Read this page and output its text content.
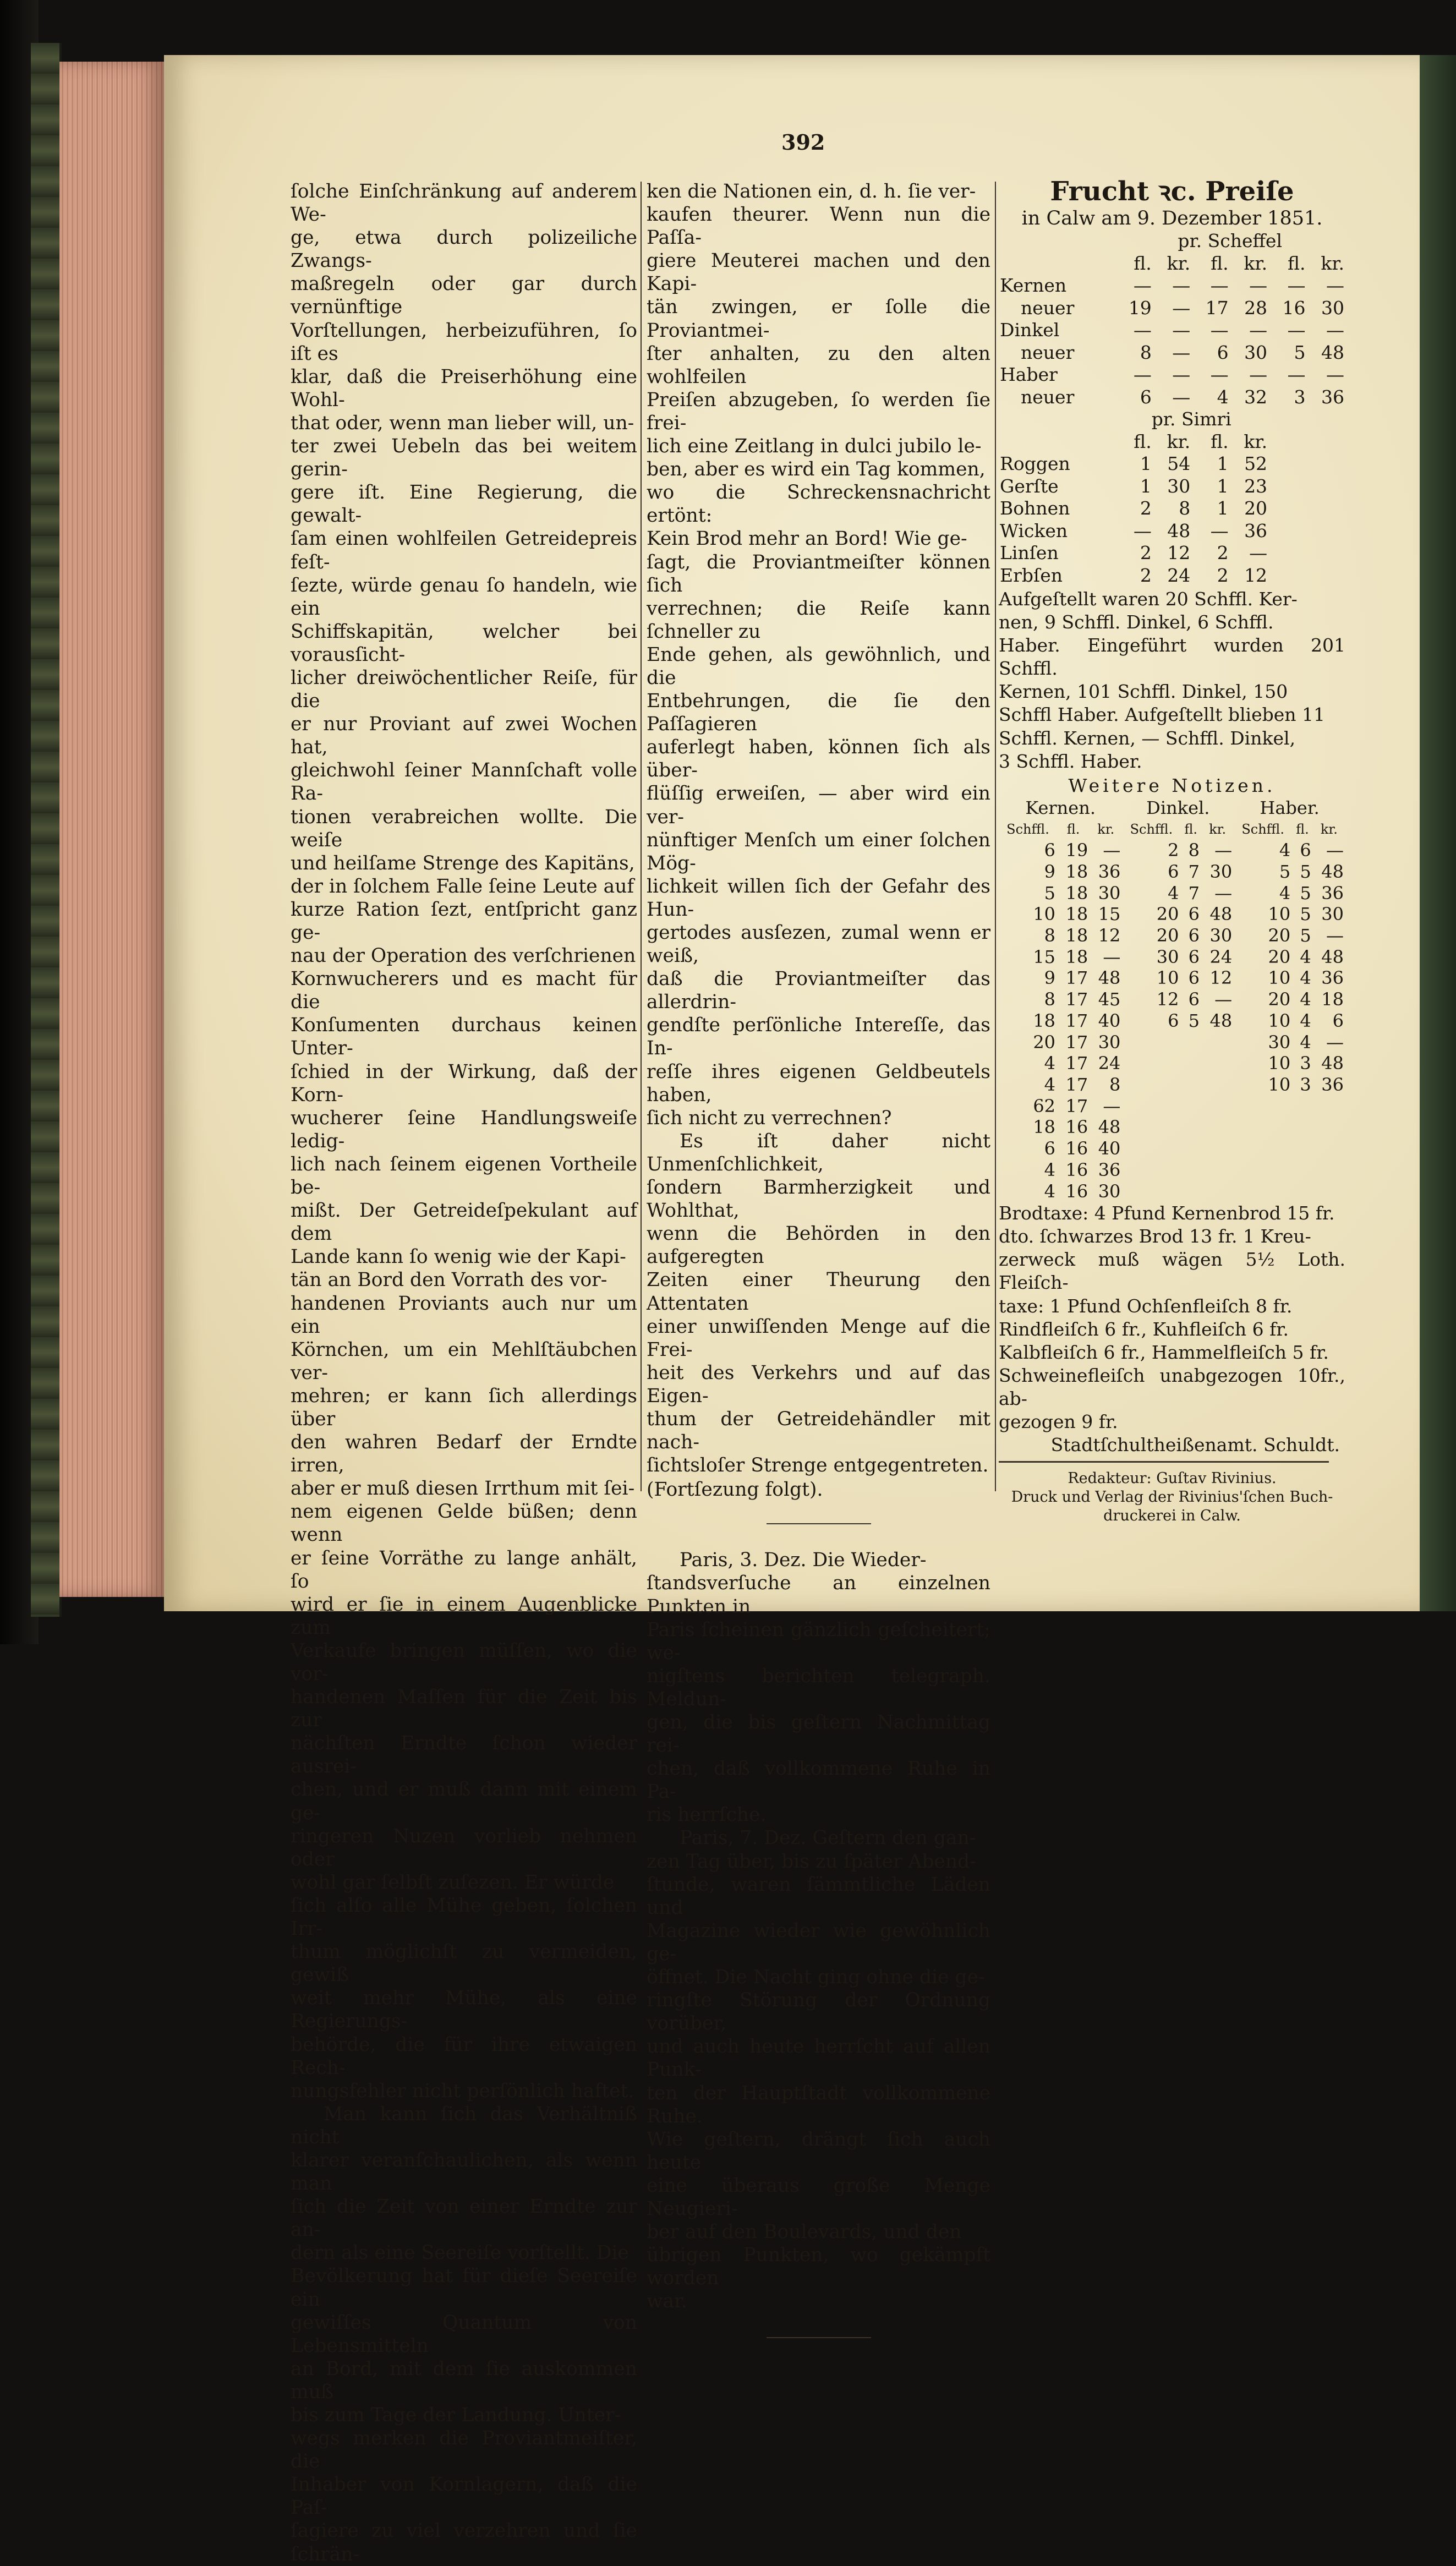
392

ſolche Einſchränkung auf anderem We-

ge, etwa durch polizeiliche Zwangs-

maßregeln oder gar durch vernünftige

Vorſtellungen, herbeizuführen, ſo iſt es

klar, daß die Preiserhöhung eine Wohl-

that oder, wenn man lieber will, un-

ter zwei Uebeln das bei weitem gerin-

gere iſt. Eine Regierung, die gewalt-

ſam einen wohlfeilen Getreidepreis feſt-

ſezte, würde genau ſo handeln, wie ein

Schiffskapitän, welcher bei vorausſicht-

licher dreiwöchentlicher Reiſe, für die

er nur Proviant auf zwei Wochen hat,

gleichwohl ſeiner Mannſchaft volle Ra-

tionen verabreichen wollte. Die weiſe

und heilſame Strenge des Kapitäns,

der in ſolchem Falle ſeine Leute auf

kurze Ration ſezt, entſpricht ganz ge-

nau der Operation des verſchrienen

Kornwucherers und es macht für die

Konſumenten durchaus keinen Unter-

ſchied in der Wirkung, daß der Korn-

wucherer ſeine Handlungsweiſe ledig-

lich nach ſeinem eigenen Vortheile be-

mißt. Der Getreideſpekulant auf dem

Lande kann ſo wenig wie der Kapi-

tän an Bord den Vorrath des vor-

handenen Proviants auch nur um ein

Körnchen, um ein Mehlſtäubchen ver-

mehren; er kann ſich allerdings über

den wahren Bedarf der Erndte irren,

aber er muß diesen Irrthum mit ſei-

nem eigenen Gelde büßen; denn wenn

er ſeine Vorräthe zu lange anhält, ſo

wird er ſie in einem Augenblicke zum

Verkaufe bringen müſſen, wo die vor-

handenen Maſſen für die Zeit bis zur

nächſten Erndte ſchon wieder ausrei-

chen, und er muß dann mit einem ge-

ringeren Nuzen vorlieb nehmen oder

wohl gar ſelbſt zuſezen. Er würde

ſich alſo alle Mühe geben, ſolchen Irr-

thum möglichſt zu vermeiden, gewiß

weit mehr Mühe, als eine Regierungs-

behörde, die für ihre etwaigen Rech-

nungsfehler nicht perſönlich haftet.

Man kann ſich das Verhältniß nicht

klarer veranſchaulichen, als wenn man

ſich die Zeit von einer Erndte zur an-

dern als eine Seereiſe vorſtellt. Die

Bevölkerung hat für dieſe Seereiſe ein

gewiſſes Quantum von Lebensmitteln

an Bord, mit dem ſie auskommen muß

bis zum Tage der Landung. Unter-

wegs merken die Proviantmeiſter, die

Inhaber von Kornlagern, daß die Paſ-

ſagiere zu viel verzehren und ſie ſchrän-

ken die Nationen ein, d. h. ſie ver-

kaufen theurer. Wenn nun die Paſſa-

giere Meuterei machen und den Kapi-

tän zwingen, er ſolle die Proviantmei-

ſter anhalten, zu den alten wohlfeilen

Preiſen abzugeben, ſo werden ſie frei-

lich eine Zeitlang in dulci jubilo le-

ben, aber es wird ein Tag kommen,

wo die Schreckensnachricht ertönt:

Kein Brod mehr an Bord! Wie ge-

ſagt, die Proviantmeiſter können ſich

verrechnen; die Reiſe kann ſchneller zu

Ende gehen, als gewöhnlich, und die

Entbehrungen, die ſie den Paſſagieren

auferlegt haben, können ſich als über-

flüſſig erweiſen, — aber wird ein ver-

nünftiger Menſch um einer ſolchen Mög-

lichkeit willen ſich der Gefahr des Hun-

gertodes ausſezen, zumal wenn er weiß,

daß die Proviantmeiſter das allerdrin-

gendſte perſönliche Intereſſe, das In-

reſſe ihres eigenen Geldbeutels haben,

ſich nicht zu verrechnen?

Es iſt daher nicht Unmenſchlichkeit,

ſondern Barmherzigkeit und Wohlthat,

wenn die Behörden in den aufgeregten

Zeiten einer Theurung den Attentaten

einer unwiſſenden Menge auf die Frei-

heit des Verkehrs und auf das Eigen-

thum der Getreidehändler mit nach-

ſichtsloſer Strenge entgegentreten.

(Fortſezung folgt).

Paris, 3. Dez. Die Wieder-

ſtandsverſuche an einzelnen Punkten in

Paris ſcheinen gänzlich geſcheitert; we-

nigſtens berichten telegraph. Meldun-

gen, die bis geſtern Nachmittag rei-

chen, daß vollkommene Ruhe in Pa-

ris herrſche.

Paris, 7. Dez. Geſtern den gan-

zen Tag über, bis zu ſpäter Abend-

ſtunde, waren ſämmtliche Läden und

Magazine wieder wie gewöhnlich ge-

öffnet. Die Nacht ging ohne die ge-

ringſte Störung der Ordnung vorüber,

und auch heute herrſcht auf allen Punk-

ten der Hauptſtadt vollkommene Ruhe.

Wie geſtern, drängt ſich auch heute

eine überaus große Menge Neugieri-

ber auf den Boulevards, und den

übrigen Punkten, wo gekämpft worden

war.

Frucht ꝛc. Preiſe
in Calw am 9. Dezember 1851.
	pr. Scheffel					
	fl.	kr.	fl.	kr.	fl.	kr.
Kernen	—	—	—	—	—	—
neuer	19	—	17	28	16	30
Dinkel	—	—	—	—	—	—
neuer	8	—	6	30	5	48
Haber	—	—	—	—	—	—
neuer	6	—	4	32	3	36
	pr. Simri					
	fl.	kr.	fl.	kr.		
Roggen	1	54	1	52		
Gerſte	1	30	1	23		
Bohnen	2	8	1	20		
Wicken	—	48	—	36		
Linſen	2	12	2	—		
Erbſen	2	24	2	12		

Aufgeſtellt waren 20 Schffl. Ker-

nen, 9 Schffl. Dinkel, 6 Schffl.

Haber. Eingeführt wurden 201 Schffl.

Kernen, 101 Schffl. Dinkel, 150

Schffl Haber. Aufgeſtellt blieben 11

Schffl. Kernen, — Schffl. Dinkel,

3 Schffl. Haber.

Weitere Notizen.
Kernen.			Dinkel.			Haber.		
Schffl.	fl.	kr.	Schffl.	fl.	kr.	Schffl.	fl.	kr.
6	19	—	2	8	—	4	6	—
9	18	36	6	7	30	5	5	48
5	18	30	4	7	—	4	5	36
10	18	15	20	6	48	10	5	30
8	18	12	20	6	30	20	5	—
15	18	—	30	6	24	20	4	48
9	17	48	10	6	12	10	4	36
8	17	45	12	6	—	20	4	18
18	17	40	6	5	48	10	4	6
20	17	30				30	4	—
4	17	24				10	3	48
4	17	8				10	3	36
62	17	—						
18	16	48						
6	16	40						
4	16	36						
4	16	30						

Brodtaxe: 4 Pfund Kernenbrod 15 fr.

dto. ſchwarzes Brod 13 fr. 1 Kreu-

zerweck muß wägen 5½ Loth. Fleiſch-

taxe: 1 Pfund Ochſenfleiſch 8 fr.

Rindfleiſch 6 fr., Kuhfleiſch 6 fr.

Kalbfleiſch 6 fr., Hammelfleiſch 5 fr.

Schweinefleiſch unabgezogen 10fr., ab-

gezogen 9 fr.

Stadtſchultheißenamt. Schuldt.
Redakteur: Guſtav Rivinius.
Druck und Verlag der Rivinius'ſchen Buch-
druckerei in Calw.
